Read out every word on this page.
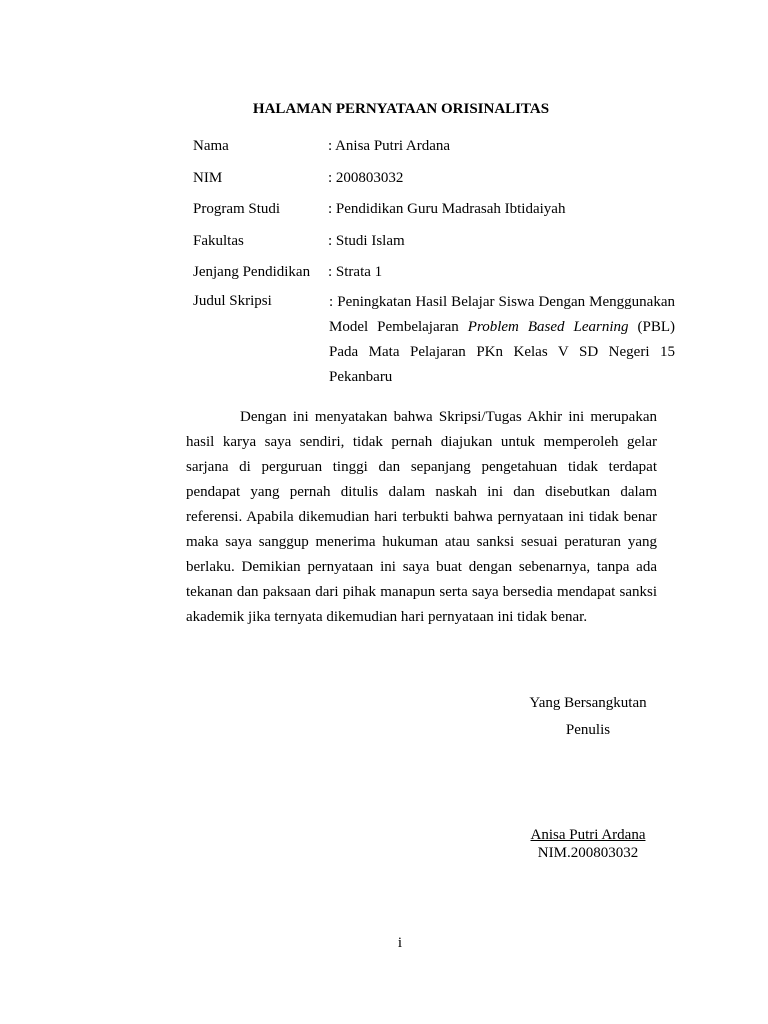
HALAMAN PERNYATAAN ORISINALITAS
Nama	: Anisa Putri Ardana
NIM	: 200803032
Program Studi	: Pendidikan Guru Madrasah Ibtidaiyah
Fakultas	: Studi Islam
Jenjang Pendidikan : Strata 1
Judul Skripsi	: Peningkatan Hasil Belajar Siswa Dengan Menggunakan Model Pembelajaran Problem Based Learning (PBL) Pada Mata Pelajaran PKn Kelas V SD Negeri 15 Pekanbaru
Dengan ini menyatakan bahwa Skripsi/Tugas Akhir ini merupakan hasil karya saya sendiri, tidak pernah diajukan untuk memperoleh gelar sarjana di perguruan tinggi dan sepanjang pengetahuan tidak terdapat pendapat yang pernah ditulis dalam naskah ini dan disebutkan dalam referensi. Apabila dikemudian hari terbukti bahwa pernyataan ini tidak benar maka saya sanggup menerima hukuman atau sanksi sesuai peraturan yang berlaku. Demikian pernyataan ini saya buat dengan sebenarnya, tanpa ada tekanan dan paksaan dari pihak manapun serta saya bersedia mendapat sanksi akademik jika ternyata dikemudian hari pernyataan ini tidak benar.
Yang Bersangkutan
Penulis
Anisa Putri Ardana
NIM.200803032
i
